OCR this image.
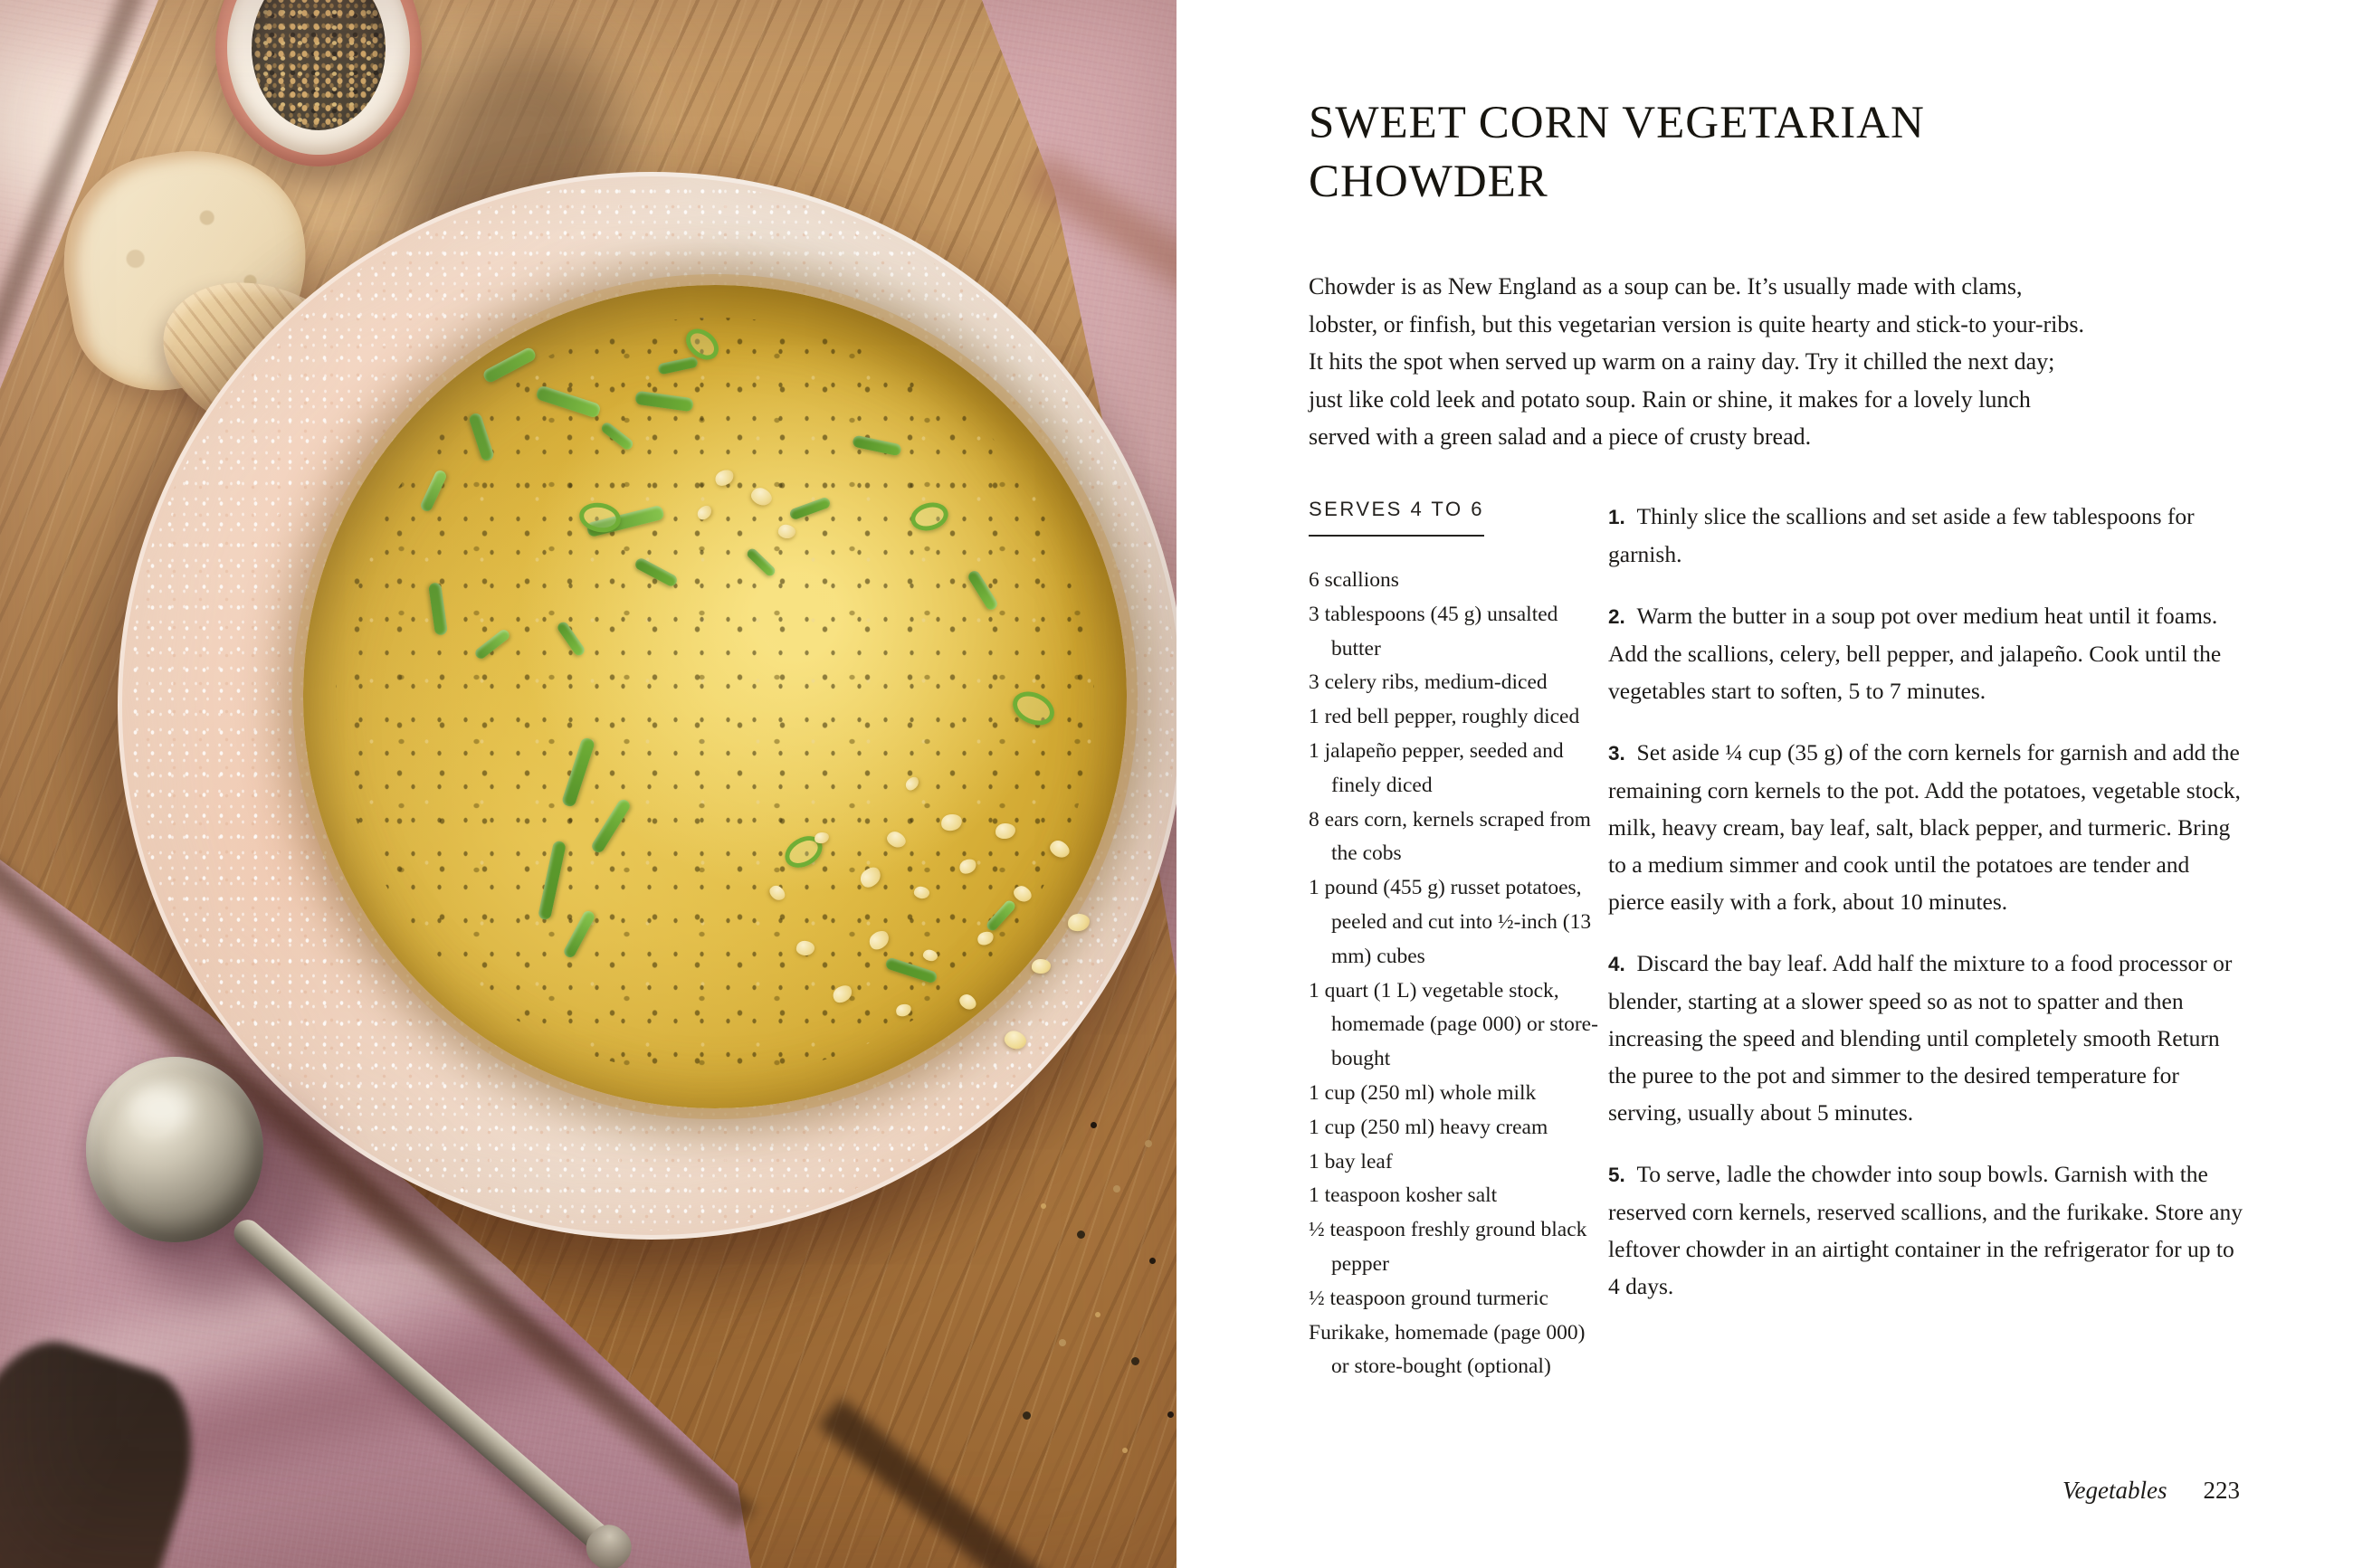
SWEET CORN VEGETARIAN CHOWDER

Chowder is as New England as a soup can be. It’s usually made with clams, lobster, or finfish, but this vegetarian version is quite hearty and stick-to your-ribs. It hits the spot when served up warm on a rainy day. Try it chilled the next day; just like cold leek and potato soup. Rain or shine, it makes for a lovely lunch served with a green salad and a piece of crusty bread.

SERVES 4 TO 6
6 scallions
3 tablespoons (45 g) unsalted butter
3 celery ribs, medium-diced
1 red bell pepper, roughly diced
1 jalapeño pepper, seeded and finely diced
8 ears corn, kernels scraped from the cobs
1 pound (455 g) russet potatoes, peeled and cut into ½-inch (13 mm) cubes
1 quart (1 L) vegetable stock, homemade (page 000) or store-bought
1 cup (250 ml) whole milk
1 cup (250 ml) heavy cream
1 bay leaf
1 teaspoon kosher salt
½ teaspoon freshly ground black pepper
½ teaspoon ground turmeric
Furikake, homemade (page 000) or store-bought (optional)

1. Thinly slice the scallions and set aside a few tablespoons for garnish.

2. Warm the butter in a soup pot over medium heat until it foams. Add the scallions, celery, bell pepper, and jalapeño. Cook until the vegetables start to soften, 5 to 7 minutes.

3. Set aside ¼ cup (35 g) of the corn kernels for garnish and add the remaining corn kernels to the pot. Add the potatoes, vegetable stock, milk, heavy cream, bay leaf, salt, black pepper, and turmeric. Bring to a medium simmer and cook until the potatoes are tender and pierce easily with a fork, about 10 minutes.

4. Discard the bay leaf. Add half the mixture to a food processor or blender, starting at a slower speed so as not to spatter and then increasing the speed and blending until completely smooth Return the puree to the pot and simmer to the desired temperature for serving, usually about 5 minutes.

5. To serve, ladle the chowder into soup bowls. Garnish with the reserved corn kernels, reserved scallions, and the furikake. Store any leftover chowder in an airtight container in the refrigerator for up to 4 days.

Vegetables 223
